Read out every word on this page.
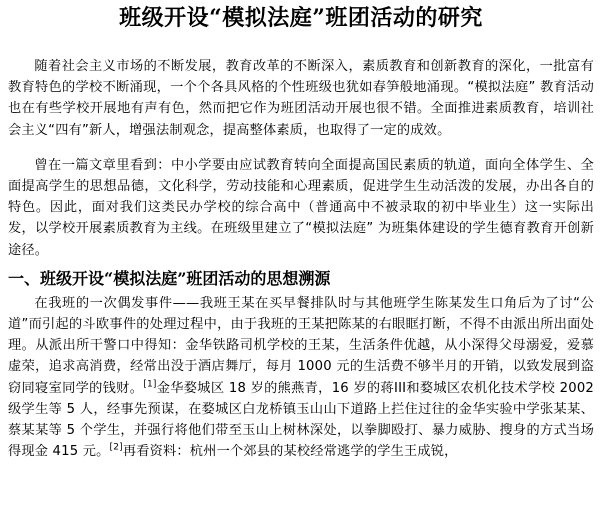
班级开设“模拟法庭”班团活动的研究

随着社会主义市场的不断发展，教育改革的不断深入，素质教育和创新教育的深化，一批富有教育特色的学校不断涌现，一个个各具风格的个性班级也犹如春笋般地涌现。“模拟法庭” 教育活动也在有些学校开展地有声有色，然而把它作为班团活动开展也很不错。全面推进素质教育，培训社会主义“四有”新人，增强法制观念，提高整体素质，也取得了一定的成效。

曾在一篇文章里看到：中小学要由应试教育转向全面提高国民素质的轨道，面向全体学生、全面提高学生的思想品德，文化科学，劳动技能和心理素质，促进学生生动活泼的发展，办出各自的特色。因此，面对我们这类民办学校的综合高中（普通高中不被录取的初中毕业生）这一实际出发，以学校开展素质教育为主线。在班级里建立了“模拟法庭” 为班集体建设的学生德育教育开创新途径。

一、班级开设“模拟法庭”班团活动的思想溯源

在我班的一次偶发事件——我班王某在买早餐排队时与其他班学生陈某发生口角后为了讨“公道”而引起的斗欧事件的处理过程中，由于我班的王某把陈某的右眼眶打断，不得不由派出所出面处理。从派出所干警口中得知：金华铁路司机学校的王某，生活条件优越，从小深得父母溺爱，爱慕虚荣，追求高消费，经常出没于酒店舞厅，每月 1000 元的生活费不够半月的开销，以致发展到盗窃同寝室同学的钱财。[1]金华婺城区 18 岁的熊燕青，16 岁的蒋III和婺城区农机化技术学校 2002 级学生等 5 人，经事先预谋，在婺城区白龙桥镇玉山山下道路上拦住过往的金华实验中学张某某、蔡某某等 5 个学生，并强行将他们带至玉山上树林深处，以拳脚殴打、暴力威胁、搜身的方式当场得现金 415 元。[2]再看资料：杭州一个郊县的某校经常逃学的学生王成锐，
